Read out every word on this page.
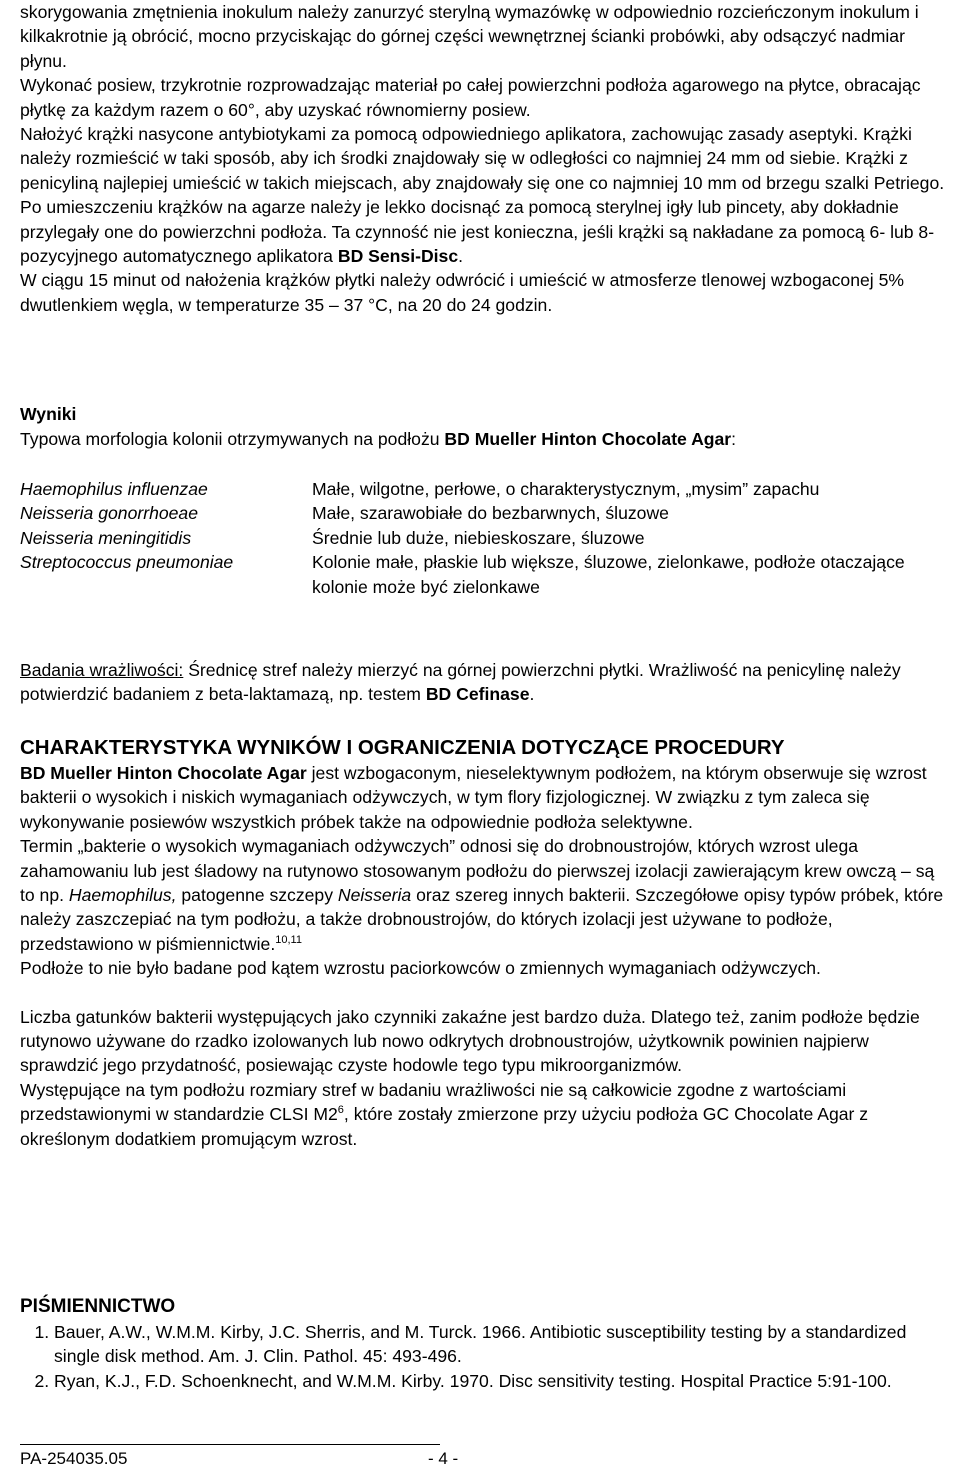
skorygowania zmętnienia inokulum należy zanurzyć sterylną wymazówkę w odpowiednio rozcieńczonym inokulum i kilkakrotnie ją obrócić, mocno przyciskając do górnej części wewnętrznej ścianki probówki, aby odsączyć nadmiar płynu.

Wykonać posiew, trzykrotnie rozprowadzając materiał po całej powierzchni podłoża agarowego na płytce, obracając płytkę za każdym razem o 60°, aby uzyskać równomierny posiew.

Nałożyć krążki nasycone antybiotykami za pomocą odpowiedniego aplikatora, zachowując zasady aseptyki. Krążki należy rozmieścić w taki sposób, aby ich środki znajdowały się w odległości co najmniej 24 mm od siebie. Krążki z penicyliną najlepiej umieścić w takich miejscach, aby znajdowały się one co najmniej 10 mm od brzegu szalki Petriego. Po umieszczeniu krążków na agarze należy je lekko docisnąć za pomocą sterylnej igły lub pincety, aby dokładnie przylegały one do powierzchni podłoża. Ta czynność nie jest konieczna, jeśli krążki są nakładane za pomocą 6- lub 8-pozycyjnego automatycznego aplikatora BD Sensi-Disc.

W ciągu 15 minut od nałożenia krążków płytki należy odwrócić i umieścić w atmosferze tlenowej wzbogaconej 5% dwutlenkiem węgla, w temperaturze 35 – 37 °C, na 20 do 24 godzin.

Wyniki

Typowa morfologia kolonii otrzymywanych na podłożu BD Mueller Hinton Chocolate Agar:

Haemophilus influenzae	Małe, wilgotne, perłowe, o charakterystycznym, „mysim” zapachu
Neisseria gonorrhoeae	Małe, szarawobiałe do bezbarwnych, śluzowe
Neisseria meningitidis	Średnie lub duże, niebieskoszare, śluzowe
Streptococcus pneumoniae	Kolonie małe, płaskie lub większe, śluzowe, zielonkawe, podłoże otaczające kolonie może być zielonkawe

Badania wrażliwości: Średnicę stref należy mierzyć na górnej powierzchni płytki. Wrażliwość na penicylinę należy potwierdzić badaniem z beta-laktamazą, np. testem BD Cefinase.

CHARAKTERYSTYKA WYNIKÓW I OGRANICZENIA DOTYCZĄCE PROCEDURY

BD Mueller Hinton Chocolate Agar jest wzbogaconym, nieselektywnym podłożem, na którym obserwuje się wzrost bakterii o wysokich i niskich wymaganiach odżywczych, w tym flory fizjologicznej. W związku z tym zaleca się wykonywanie posiewów wszystkich próbek także na odpowiednie podłoża selektywne.

Termin „bakterie o wysokich wymaganiach odżywczych” odnosi się do drobnoustrojów, których wzrost ulega zahamowaniu lub jest śladowy na rutynowo stosowanym podłożu do pierwszej izolacji zawierającym krew owczą – są to np. Haemophilus, patogenne szczepy Neisseria oraz szereg innych bakterii. Szczegółowe opisy typów próbek, które należy zaszczepiać na tym podłożu, a także drobnoustrojów, do których izolacji jest używane to podłoże, przedstawiono w piśmiennictwie.$^{10,11}$

Podłoże to nie było badane pod kątem wzrostu paciorkowców o zmiennych wymaganiach odżywczych.

Liczba gatunków bakterii występujących jako czynniki zakaźne jest bardzo duża. Dlatego też, zanim podłoże będzie rutynowo używane do rzadko izolowanych lub nowo odkrytych drobnoustrojów, użytkownik powinien najpierw sprawdzić jego przydatność, posiewając czyste hodowle tego typu mikroorganizmów.

Występujące na tym podłożu rozmiary stref w badaniu wrażliwości nie są całkowicie zgodne z wartościami przedstawionymi w standardzie CLSI $M2^6$, które zostały zmierzone przy użyciu podłoża GC Chocolate Agar z określonym dodatkiem promującym wzrost.

PIŚMIENNICTWO
1. Bauer, A.W., W.M.M. Kirby, J.C. Sherris, and M. Turck. 1966. Antibiotic susceptibility testing by a standardized single disk method. Am. J. Clin. Pathol. 45: 493-496.
2. Ryan, K.J., F.D. Schoenknecht, and W.M.M. Kirby. 1970. Disc sensitivity testing. Hospital Practice 5:91-100.
PA-254035.05	- 4 -
